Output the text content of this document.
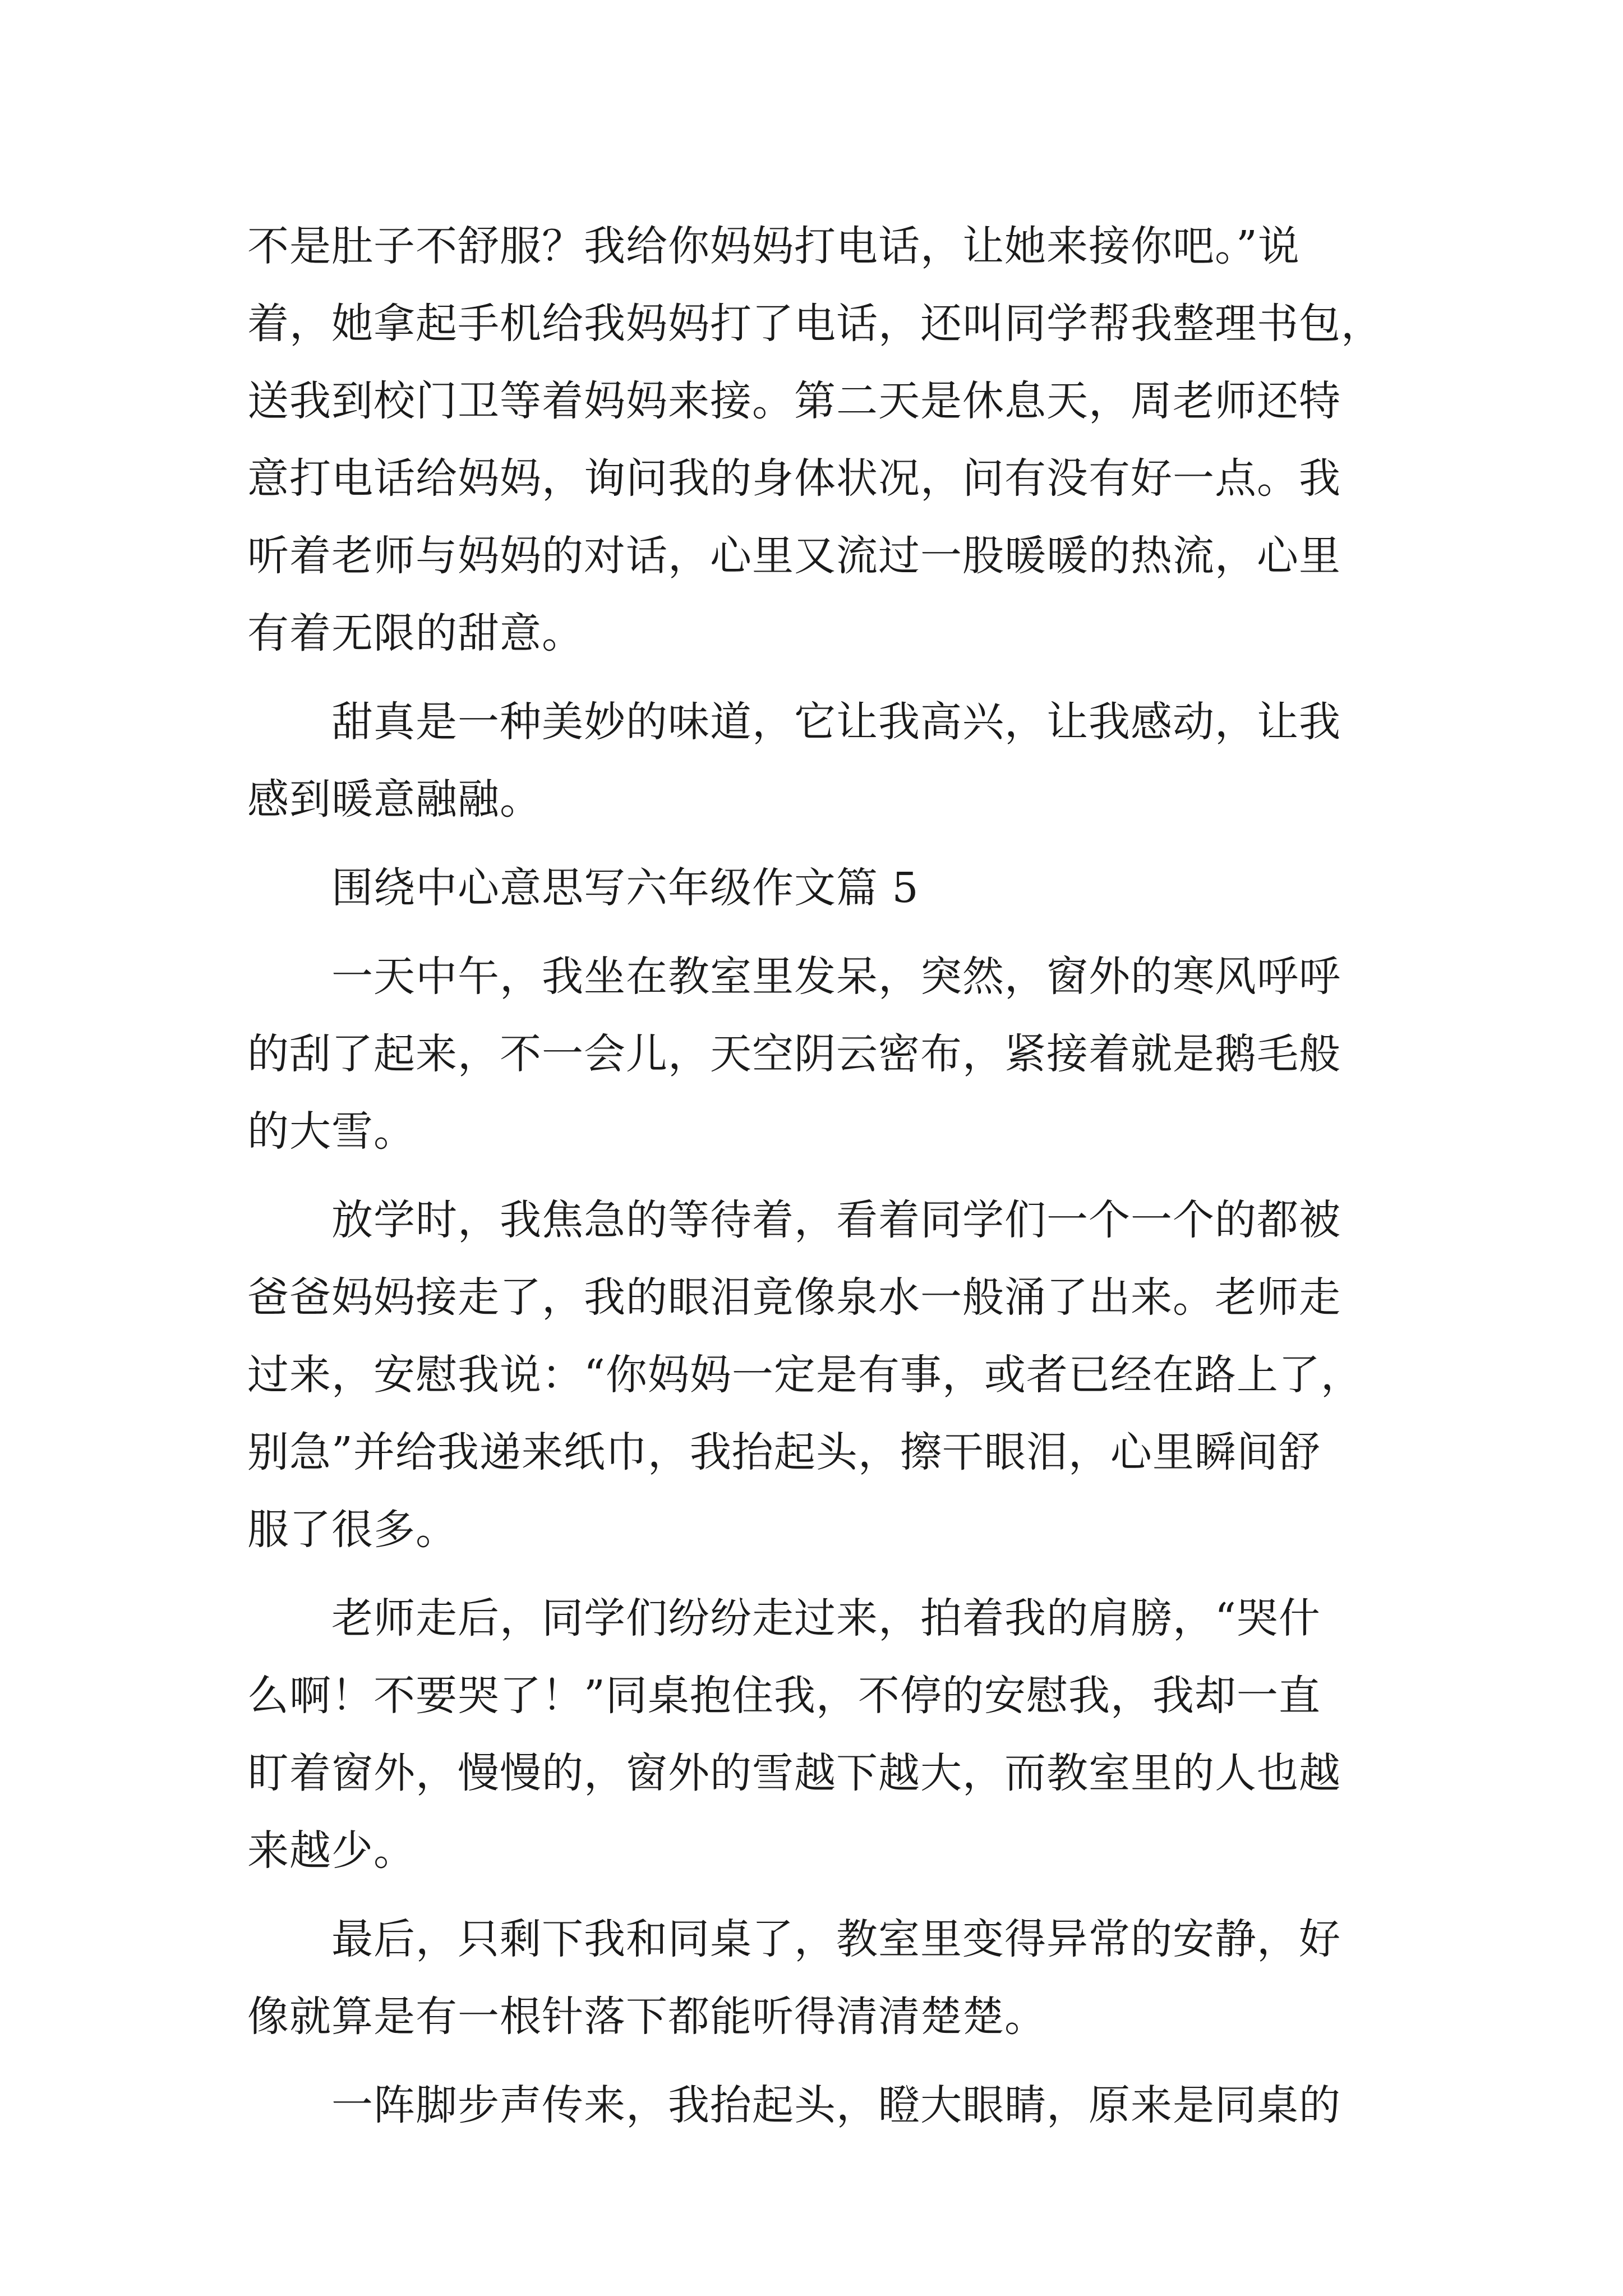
不是肚子不舒服？我给你妈妈打电话，让她来接你吧。”说
着，她拿起手机给我妈妈打了电话，还叫同学帮我整理书包，
送我到校门卫等着妈妈来接。第二天是休息天，周老师还特
意打电话给妈妈，询问我的身体状况，问有没有好一点。我
听着老师与妈妈的对话，心里又流过一股暖暖的热流，心里
有着无限的甜意。
甜真是一种美妙的味道，它让我高兴，让我感动，让我
感到暖意融融。
围绕中心意思写六年级作文篇 5
一天中午，我坐在教室里发呆，突然，窗外的寒风呼呼
的刮了起来，不一会儿，天空阴云密布，紧接着就是鹅毛般
的大雪。
放学时，我焦急的等待着，看着同学们一个一个的都被
爸爸妈妈接走了，我的眼泪竟像泉水一般涌了出来。老师走
过来，安慰我说：“你妈妈一定是有事，或者已经在路上了，
别急”并给我递来纸巾，我抬起头，擦干眼泪，心里瞬间舒
服了很多。
老师走后，同学们纷纷走过来，拍着我的肩膀，“哭什
么啊！不要哭了！”同桌抱住我，不停的安慰我，我却一直
盯着窗外，慢慢的，窗外的雪越下越大，而教室里的人也越
来越少。
最后，只剩下我和同桌了，教室里变得异常的安静，好
像就算是有一根针落下都能听得清清楚楚。
一阵脚步声传来，我抬起头，瞪大眼睛，原来是同桌的
